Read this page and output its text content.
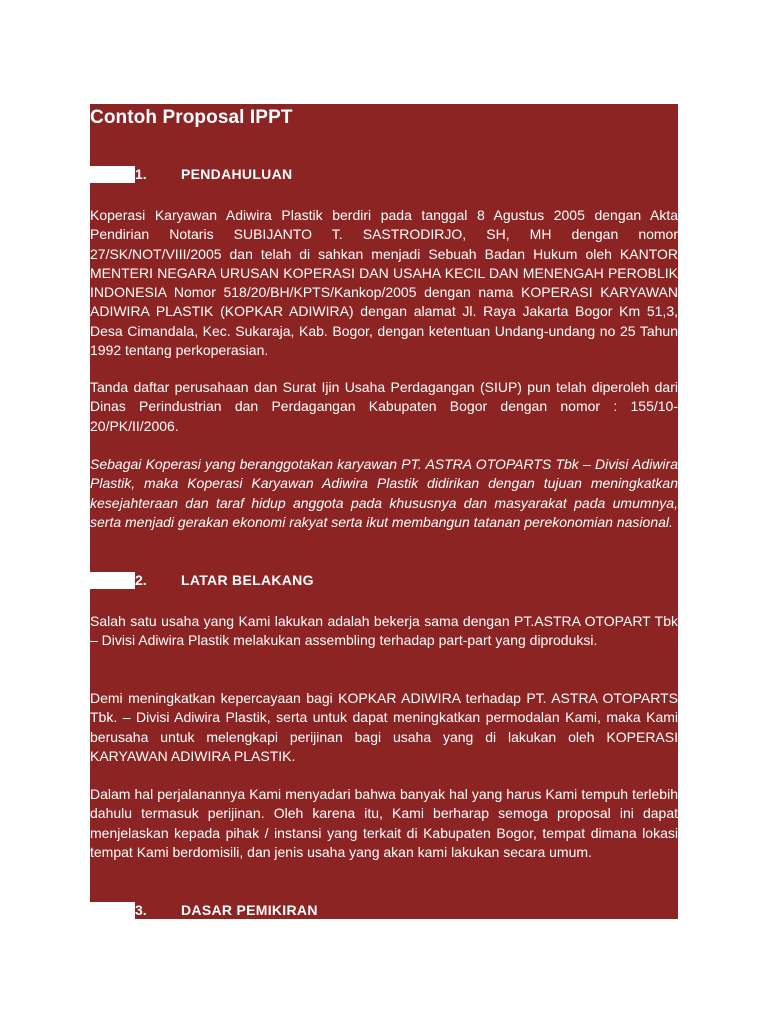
Contoh Proposal IPPT
1. PENDAHULUAN
Koperasi Karyawan Adiwira Plastik berdiri pada tanggal 8 Agustus 2005 dengan Akta Pendirian Notaris SUBIJANTO T. SASTRODIRJO, SH, MH dengan nomor 27/SK/NOT/VIII/2005 dan telah di sahkan menjadi Sebuah Badan Hukum oleh KANTOR MENTERI NEGARA URUSAN KOPERASI DAN USAHA KECIL DAN MENENGAH PEROBLIK INDONESIA Nomor 518/20/BH/KPTS/Kankop/2005 dengan nama KOPERASI KARYAWAN ADIWIRA PLASTIK (KOPKAR ADIWIRA) dengan alamat Jl. Raya Jakarta Bogor Km 51,3, Desa Cimandala, Kec. Sukaraja, Kab. Bogor, dengan ketentuan Undang-undang no 25 Tahun 1992 tentang perkoperasian.
Tanda daftar perusahaan dan Surat Ijin Usaha Perdagangan (SIUP) pun telah diperoleh dari Dinas Perindustrian dan Perdagangan Kabupaten Bogor dengan nomor : 155/10-20/PK/II/2006.
Sebagai Koperasi yang beranggotakan karyawan PT. ASTRA OTOPARTS Tbk – Divisi Adiwira Plastik, maka Koperasi Karyawan Adiwira Plastik didirikan dengan tujuan meningkatkan kesejahteraan dan taraf hidup anggota pada khususnya dan masyarakat pada umumnya, serta menjadi gerakan ekonomi rakyat serta ikut membangun tatanan perekonomian nasional.
2. LATAR BELAKANG
Salah satu usaha yang Kami lakukan adalah bekerja sama dengan PT.ASTRA OTOPART Tbk – Divisi Adiwira Plastik melakukan assembling terhadap part-part yang diproduksi.
Demi meningkatkan kepercayaan bagi KOPKAR ADIWIRA terhadap PT. ASTRA OTOPARTS Tbk. – Divisi Adiwira Plastik, serta untuk dapat meningkatkan permodalan Kami, maka Kami berusaha untuk melengkapi perijinan bagi usaha yang di lakukan oleh KOPERASI KARYAWAN ADIWIRA PLASTIK.
Dalam hal perjalanannya Kami menyadari bahwa banyak hal yang harus Kami tempuh terlebih dahulu termasuk perijinan. Oleh karena itu, Kami berharap semoga proposal ini dapat menjelaskan kepada pihak / instansi yang terkait di Kabupaten Bogor, tempat dimana lokasi tempat Kami berdomisili, dan jenis usaha yang akan kami lakukan secara umum.
3. DASAR PEMIKIRAN
